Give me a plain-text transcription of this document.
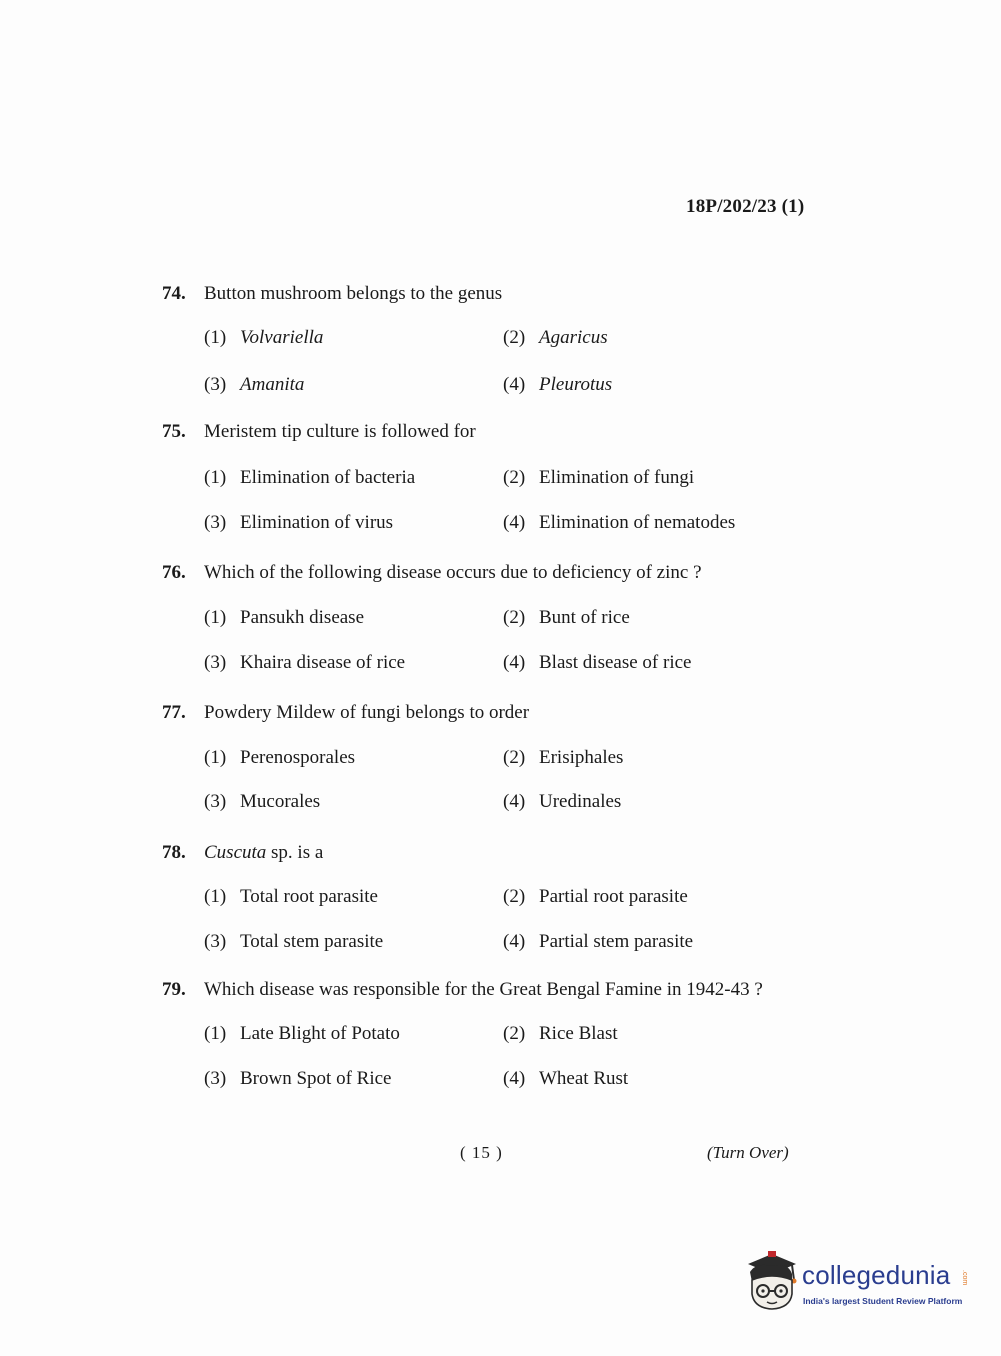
18P/202/23 (1)
74. Button mushroom belongs to the genus
(1) Volvariella	(2) Agaricus
(3) Amanita	(4) Pleurotus
75. Meristem tip culture is followed for
(1) Elimination of bacteria	(2) Elimination of fungi
(3) Elimination of virus	(4) Elimination of nematodes
76. Which of the following disease occurs due to deficiency of zinc ?
(1) Pansukh disease	(2) Bunt of rice
(3) Khaira disease of rice	(4) Blast disease of rice
77. Powdery Mildew of fungi belongs to order
(1) Perenosporales	(2) Erisiphales
(3) Mucorales	(4) Uredinales
78. Cuscuta sp. is a
(1) Total root parasite	(2) Partial root parasite
(3) Total stem parasite	(4) Partial stem parasite
79. Which disease was responsible for the Great Bengal Famine in 1942-43 ?
(1) Late Blight of Potato	(2) Rice Blast
(3) Brown Spot of Rice	(4) Wheat Rust
( 15 )	(Turn Over)
collegedunia .com
India's largest Student Review Platform
